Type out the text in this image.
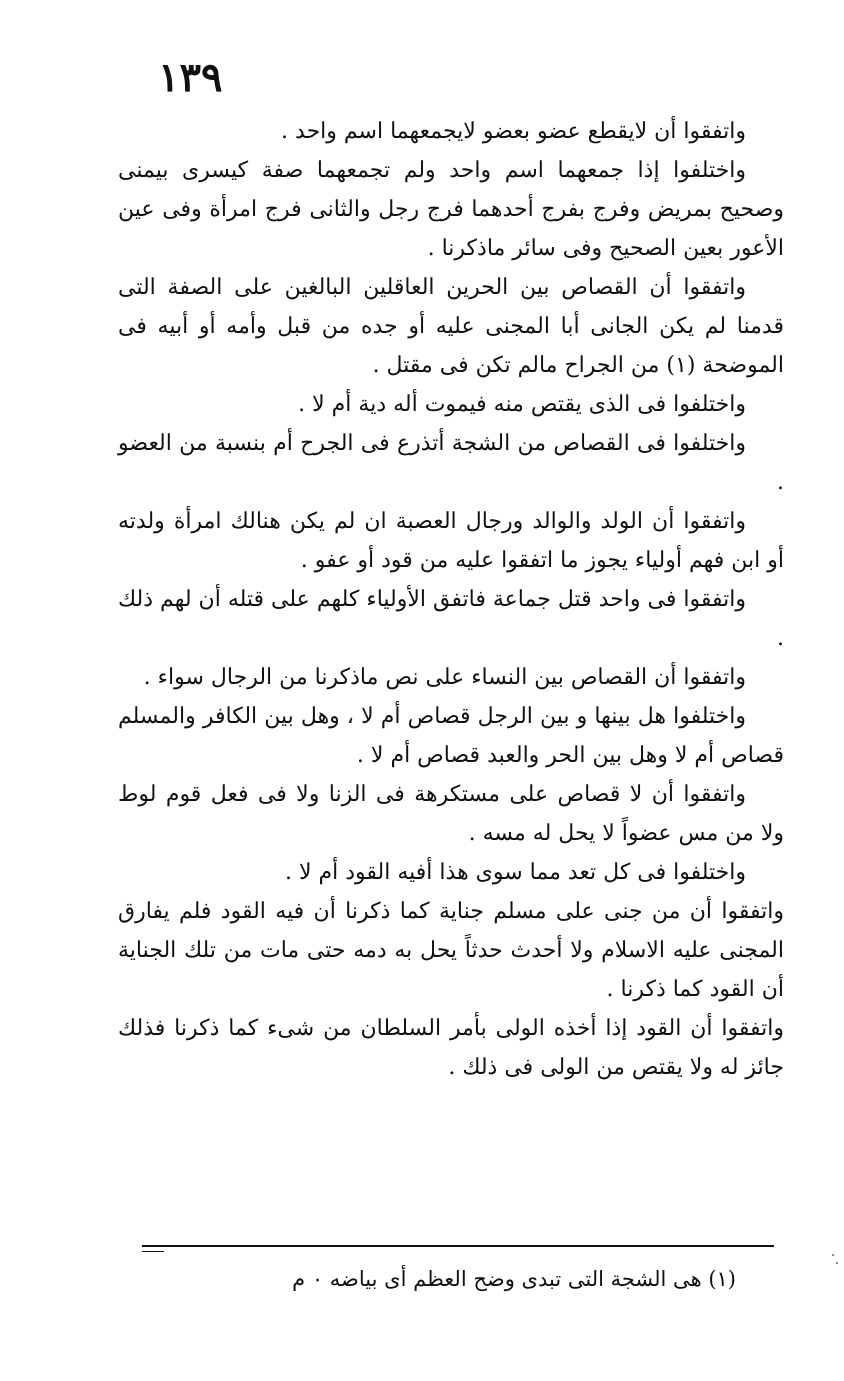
١٣٩

واتفقوا أن لايقطع عضو بعضو لايجمعهما اسم واحد .

واختلفوا إذا جمعهما اسم واحد ولم تجمعهما صفة كيسرى بيمنى وصحيح بمريض وفرج بفرج أحدهما فرج رجل والثانى فرج امرأة وفى عين الأعور بعين الصحيح وفى سائر ماذكرنا .

واتفقوا أن القصاص بين الحرين العاقلين البالغين على الصفة التى قدمنا لم يكن الجانى أبا المجنى عليه أو جده من قبل وأمه أو أبيه فى الموضحة (١) من الجراح مالم تكن فى مقتل .

واختلفوا فى الذى يقتص منه فيموت أله دية أم لا .

واختلفوا فى القصاص من الشجة أتذرع فى الجرح أم بنسبة من العضو .

واتفقوا أن الولد والوالد ورجال العصبة ان لم يكن هنالك امرأة ولدته أو ابن فهم أولياء يجوز ما اتفقوا عليه من قود أو عفو .

واتفقوا فى واحد قتل جماعة فاتفق الأولياء كلهم على قتله أن لهم ذلك .

واتفقوا أن القصاص بين النساء على نص ماذكرنا من الرجال سواء .

واختلفوا هل بينها و بين الرجل قصاص أم لا ، وهل بين الكافر والمسلم قصاص أم لا وهل بين الحر والعبد قصاص أم لا .

واتفقوا أن لا قصاص على مستكرهة فى الزنا ولا فى فعل قوم لوط ولا من مس عضواً لا يحل له مسه .

واختلفوا فى كل تعد مما سوى هذا أفيه القود أم لا .

واتفقوا أن من جنى على مسلم جناية كما ذكرنا أن فيه القود فلم يفارق المجنى عليه الاسلام ولا أحدث حدثاً يحل به دمه حتى مات من تلك الجناية أن القود كما ذكرنا .

واتفقوا أن القود إذا أخذه الولى بأمر السلطان من شىء كما ذكرنا فذلك جائز له ولا يقتص من الولى فى ذلك .

(١) هى الشجة التى تبدى وضح العظم أى بياضه ٠ م
